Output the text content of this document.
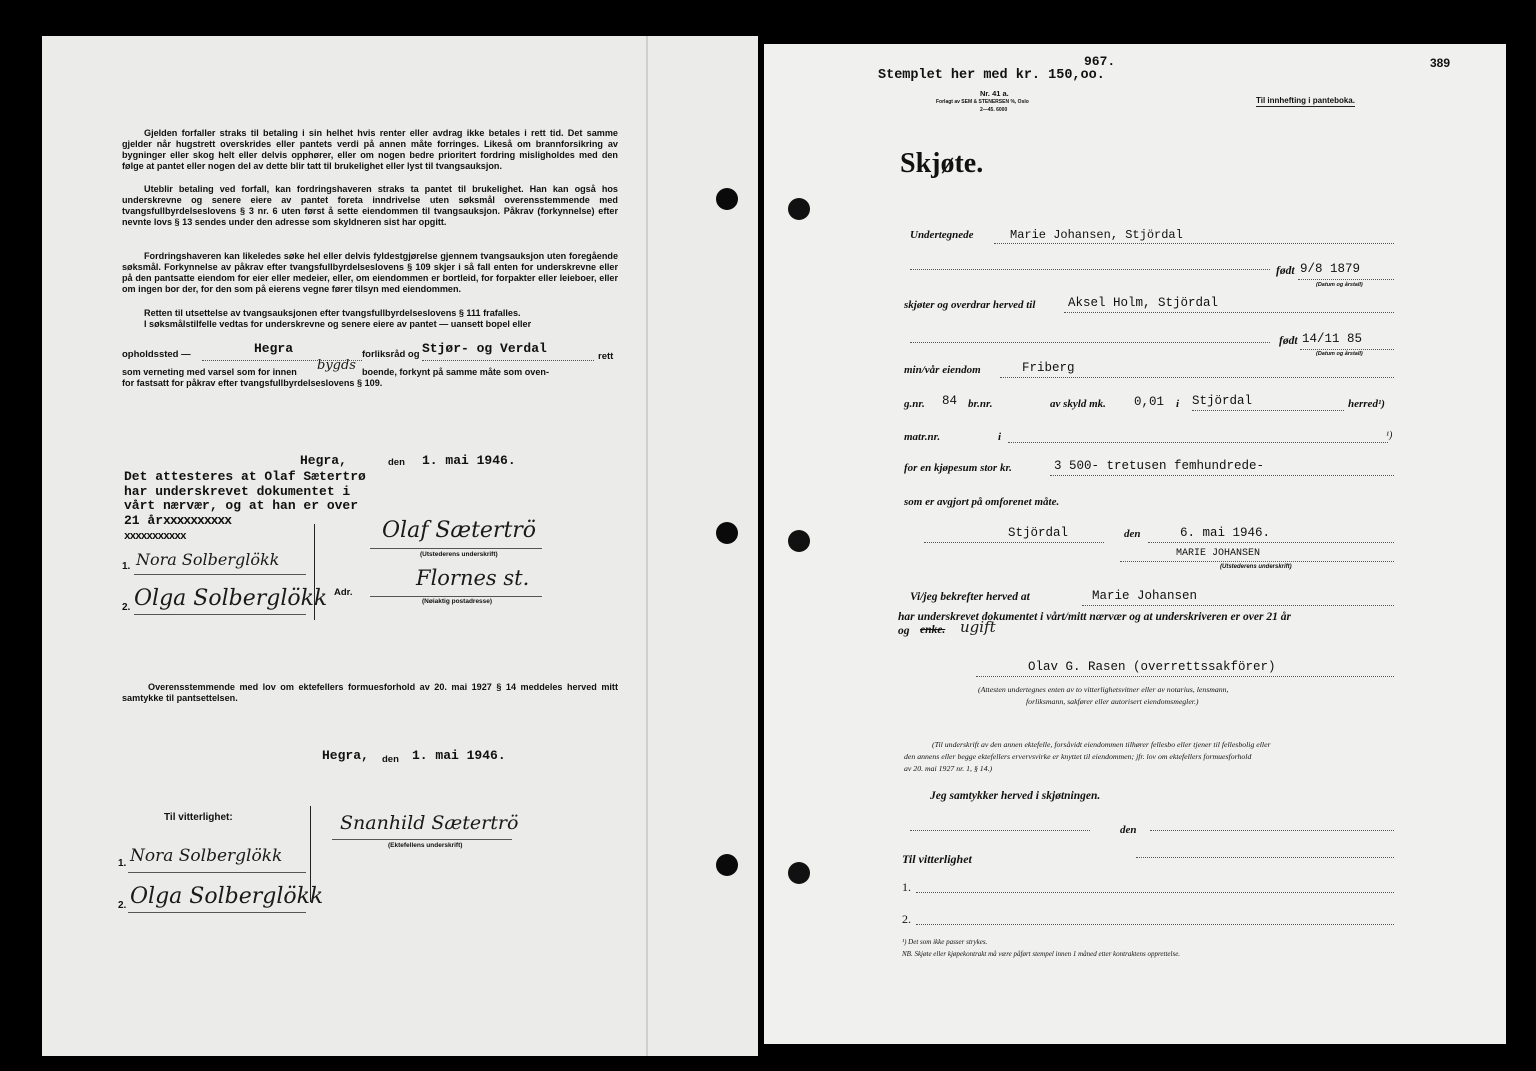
Gjelden forfaller straks til betaling i sin helhet hvis renter eller avdrag ikke betales i rett tid. Det samme gjelder når hugstrett overskrides eller pantets verdi på annen måte forringes. Likeså om brannforsikring av bygninger eller skog helt eller delvis opphører, eller om nogen bedre prioritert fordring misligholdes med den følge at pantet eller nogen del av dette blir tatt til brukelighet eller lyst til tvangsauksjon.
Uteblir betaling ved forfall, kan fordringshaveren straks ta pantet til brukelighet. Han kan også hos underskrevne og senere eiere av pantet foreta inndrivelse uten søksmål overensstemmende med tvangsfullbyrdelseslovens § 3 nr. 6 uten først å sette eiendommen til tvangsauksjon. Påkrav (forkynnelse) efter nevnte lovs § 13 sendes under den adresse som skyldneren sist har opgitt.
Fordringshaveren kan likeledes søke hel eller delvis fyldestgjørelse gjennem tvangsauksjon uten foregående søksmål. Forkynnelse av påkrav efter tvangsfullbyrdelseslovens § 109 skjer i så fall enten for underskrevne eller på den pantsatte eiendom for eier eller medeier, eller, om eiendommen er bortleid, for forpakter eller leieboer, eller om ingen bor der, for den som på eierens vegne fører tilsyn med eiendommen.
Retten til utsettelse av tvangsauksjonen efter tvangsfullbyrdelseslovens § 111 frafalles.
I søksmålstilfelle vedtas for underskrevne og senere eiere av pantet — uansett bopel eller
opholdssted —	Hegra	forliksråd og Stjør- og Verdal
rett
som verneting med varsel som for innen bygds boende, forkynt på samme måte som oven-
for fastsatt for påkrav efter tvangsfullbyrdelseslovens § 109.
Hegra,	den 1. mai 1946.
Det attesteres at Olaf Sætertrø
har underskrevet dokumentet i
vårt nærvær, og at han er over
21 årxxxxxxxxxx
xxxxxxxxxxx	Olaf Sætertrö
(Utstederens underskrift)
Adr.
Flornes st.
(Nøiaktig postadresse)
1. Nora Solberglökk
2. Olga Solberglökk
Overensstemmende med lov om ektefellers formuesforhold av 20. mai 1927 § 14 meddeles herved mitt samtykke til pantsettelsen.
Hegra, den 1. mai 1946.
Til vitterlighet:	Snanhild Sætertrö
(Ektefellens underskrift)
1. Nora Solberglökk
2. Olga Solberglökk
Stemplet her med kr. 150,oo.
967.	389
Nr. 41 a.
Forlagt av SEM & STENERSEN %, Oslo
2—45. 6000
Til innhefting i panteboka.
Skjøte.
Undertegnede	Marie Johansen, Stjördal
født 9/8 1879
(Datum og årstall)
skjøter og overdrar herved til	Aksel Holm, Stjördal
født 14/11 85
(Datum og årstall)
min/vår eiendom	Friberg
g.nr. 84 br.nr.	av skyld mk. 0,01 i Stjördal	herred¹)
matr.nr.	i	¹)
for en kjøpesum stor kr.	3 500- tretusen femhundrede-
som er avgjort på omforenet måte.
Stjördal	den	6. mai 1946.
MARIE JOHANSEN
(Utstederens underskrift)
Vi/jeg bekrefter herved at	Marie Johansen
har underskrevet dokumentet i vårt/mitt nærvær og at underskriveren er over 21 år
og enke. ugift
Olav G. Rasen (overrettssakförer)
(Attesten undertegnes enten av to vitterlighetsvitner eller av notarius, lensmann,
forliksmann, sakfører eller autorisert eiendomsmegler.)
(Til underskrift av den annen ektefelle, forsåvidt eiendommen tilhører fellesbo eller tjener til fellesbolig eller
den annens eller begge ektefellers ervervsvirke er knyttet til eiendommen; jfr. lov om ektefellers formuesforhold
av 20. mai 1927 nr. 1, § 14.)
Jeg samtykker herved i skjøtningen.
den
Til vitterlighet
1.
2.
¹) Det som ikke passer strykes.
NB. Skjøte eller kjøpekontrakt må være påført stempel innen 1 måned etter kontraktens opprettelse.
